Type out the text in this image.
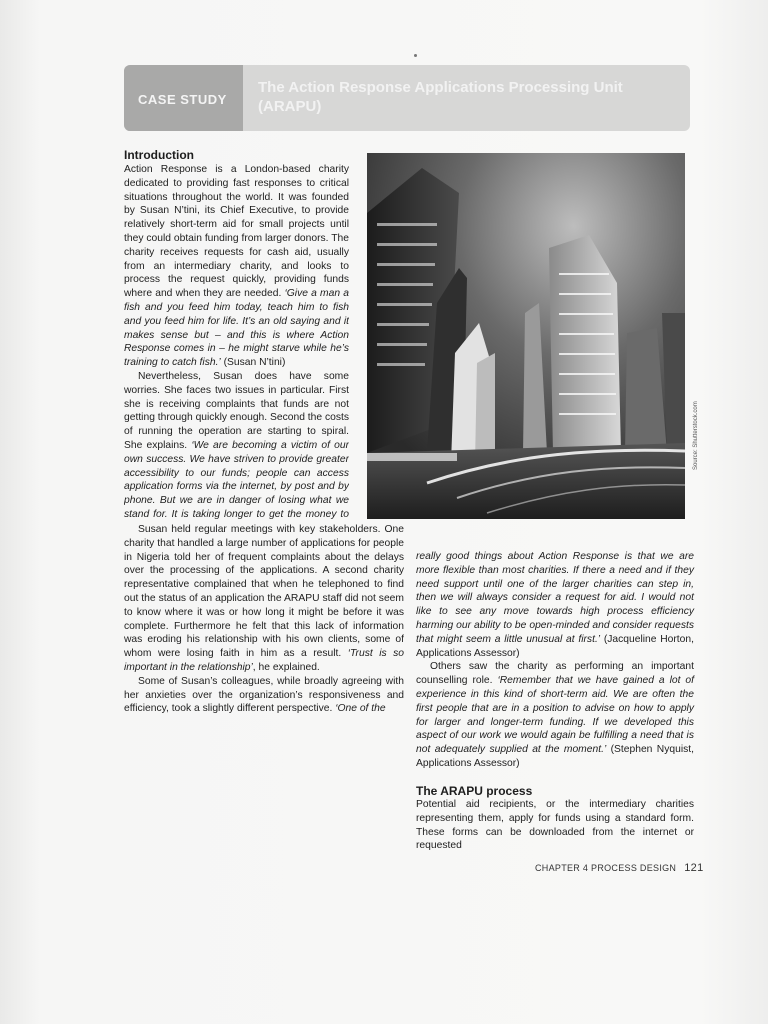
CASE STUDY
The Action Response Applications Processing Unit (ARAPU)
Introduction

Action Response is a London-based charity dedicated to providing fast responses to critical situations throughout the world. It was founded by Susan N’tini, its Chief Executive, to provide relatively short-term aid for small projects until they could obtain funding from larger donors. The charity receives requests for cash aid, usually from an intermediary charity, and looks to process the request quickly, providing funds where and when they are needed. ‘Give a man a fish and you feed him today, teach him to fish and you feed him for life. It’s an old saying and it makes sense but – and this is where Action Response comes in – he might starve while he’s training to catch fish.’ (Susan N’tini)

Nevertheless, Susan does have some worries. She faces two issues in particular. First she is receiving complaints that funds are not getting through quickly enough. Second the costs of running the operation are starting to spiral. She explains. ‘We are becoming a victim of our own success. We have striven to provide greater accessibility to our funds; people can access application forms via the internet, by post and by phone. But we are in danger of losing what we stand for. It is taking longer to get the money to

Susan held regular meetings with key stakeholders. One charity that handled a large number of applications for people in Nigeria told her of frequent complaints about the delays over the processing of the applications. A second charity representative complained that when he telephoned to find out the status of an application the ARAPU staff did not seem to know where it was or how long it might be before it was complete. Furthermore he felt that this lack of information was eroding his relationship with his own clients, some of whom were losing faith in him as a result. ‘Trust is so important in the relationship’, he explained.

Some of Susan’s colleagues, while broadly agreeing with her anxieties over the organization’s responsiveness and efficiency, took a slightly different perspective. ‘One of the

Source: Shutterstock.com

really good things about Action Response is that we are more flexible than most charities. If there a need and if they need support until one of the larger charities can step in, then we will always consider a request for aid. I would not like to see any move towards high process efficiency harming our ability to be open-minded and consider requests that might seem a little unusual at first.’ (Jacqueline Horton, Applications Assessor)

Others saw the charity as performing an important counselling role. ‘Remember that we have gained a lot of experience in this kind of short-term aid. We are often the first people that are in a position to advise on how to apply for larger and longer-term funding. If we developed this aspect of our work we would again be fulfilling a need that is not adequately supplied at the moment.’ (Stephen Nyquist, Applications Assessor)

The ARAPU process

Potential aid recipients, or the intermediary charities representing them, apply for funds using a standard form. These forms can be downloaded from the internet or requested

CHAPTER 4 PROCESS DESIGN 121
